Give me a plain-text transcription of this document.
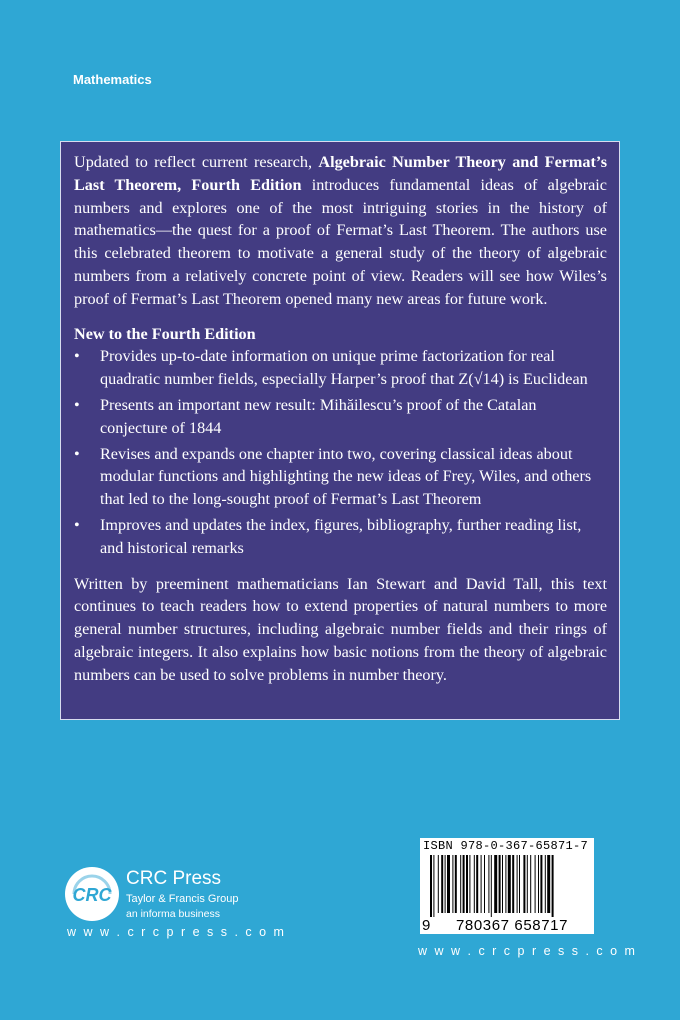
Mathematics

Updated to reflect current research, Algebraic Number Theory and Fermat’s Last Theorem, Fourth Edition introduces fundamental ideas of algebraic numbers and explores one of the most intriguing stories in the history of mathematics—the quest for a proof of Fermat’s Last Theorem. The authors use this celebrated theorem to motivate a general study of the theory of algebraic numbers from a relatively concrete point of view. Readers will see how Wiles’s proof of Fermat’s Last Theorem opened many new areas for future work.

New to the Fourth Edition

• Provides up-to-date information on unique prime factorization for real quadratic number fields, especially Harper’s proof that Z(√14) is Euclidean
• Presents an important new result: Mihăilescu’s proof of the Catalan conjecture of 1844
• Revises and expands one chapter into two, covering classical ideas about modular functions and highlighting the new ideas of Frey, Wiles, and others that led to the long-sought proof of Fermat’s Last Theorem
• Improves and updates the index, figures, bibliography, further reading list, and historical remarks

Written by preeminent mathematicians Ian Stewart and David Tall, this text continues to teach readers how to extend properties of natural numbers to more general number structures, including algebraic number fields and their rings of algebraic integers. It also explains how basic notions from the theory of algebraic numbers can be used to solve problems in number theory.

CRC
CRC Press
Taylor & Francis Group
an informa business
w w w . c r c p r e s s . c o m
ISBN 978-0-367-65871-7
9	780367 658717
w w w . c r c p r e s s . c o m
